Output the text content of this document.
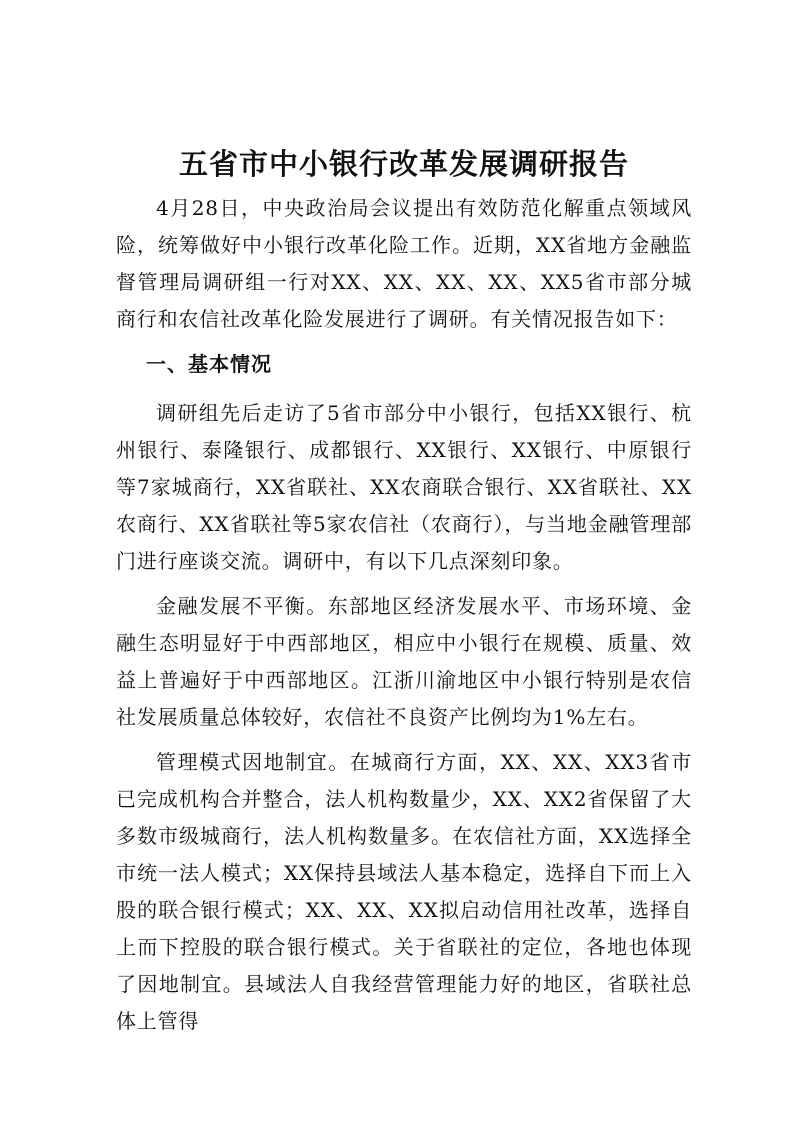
五省市中小银行改革发展调研报告

4月28日，中央政治局会议提出有效防范化解重点领域风险，统筹做好中小银行改革化险工作。近期，XX省地方金融监督管理局调研组一行对XX、XX、XX、XX、XX5省市部分城商行和农信社改革化险发展进行了调研。有关情况报告如下：

一、基本情况

调研组先后走访了5省市部分中小银行，包括XX银行、杭州银行、泰隆银行、成都银行、XX银行、XX银行、中原银行等7家城商行，XX省联社、XX农商联合银行、XX省联社、XX农商行、XX省联社等5家农信社（农商行），与当地金融管理部门进行座谈交流。调研中，有以下几点深刻印象。

金融发展不平衡。东部地区经济发展水平、市场环境、金融生态明显好于中西部地区，相应中小银行在规模、质量、效益上普遍好于中西部地区。江浙川渝地区中小银行特别是农信社发展质量总体较好，农信社不良资产比例均为1%左右。

管理模式因地制宜。在城商行方面，XX、XX、XX3省市已完成机构合并整合，法人机构数量少，XX、XX2省保留了大多数市级城商行，法人机构数量多。在农信社方面，XX选择全市统一法人模式；XX保持县域法人基本稳定，选择自下而上入股的联合银行模式；XX、XX、XX拟启动信用社改革，选择自上而下控股的联合银行模式。关于省联社的定位，各地也体现了因地制宜。县域法人自我经营管理能力好的地区，省联社总体上管得
